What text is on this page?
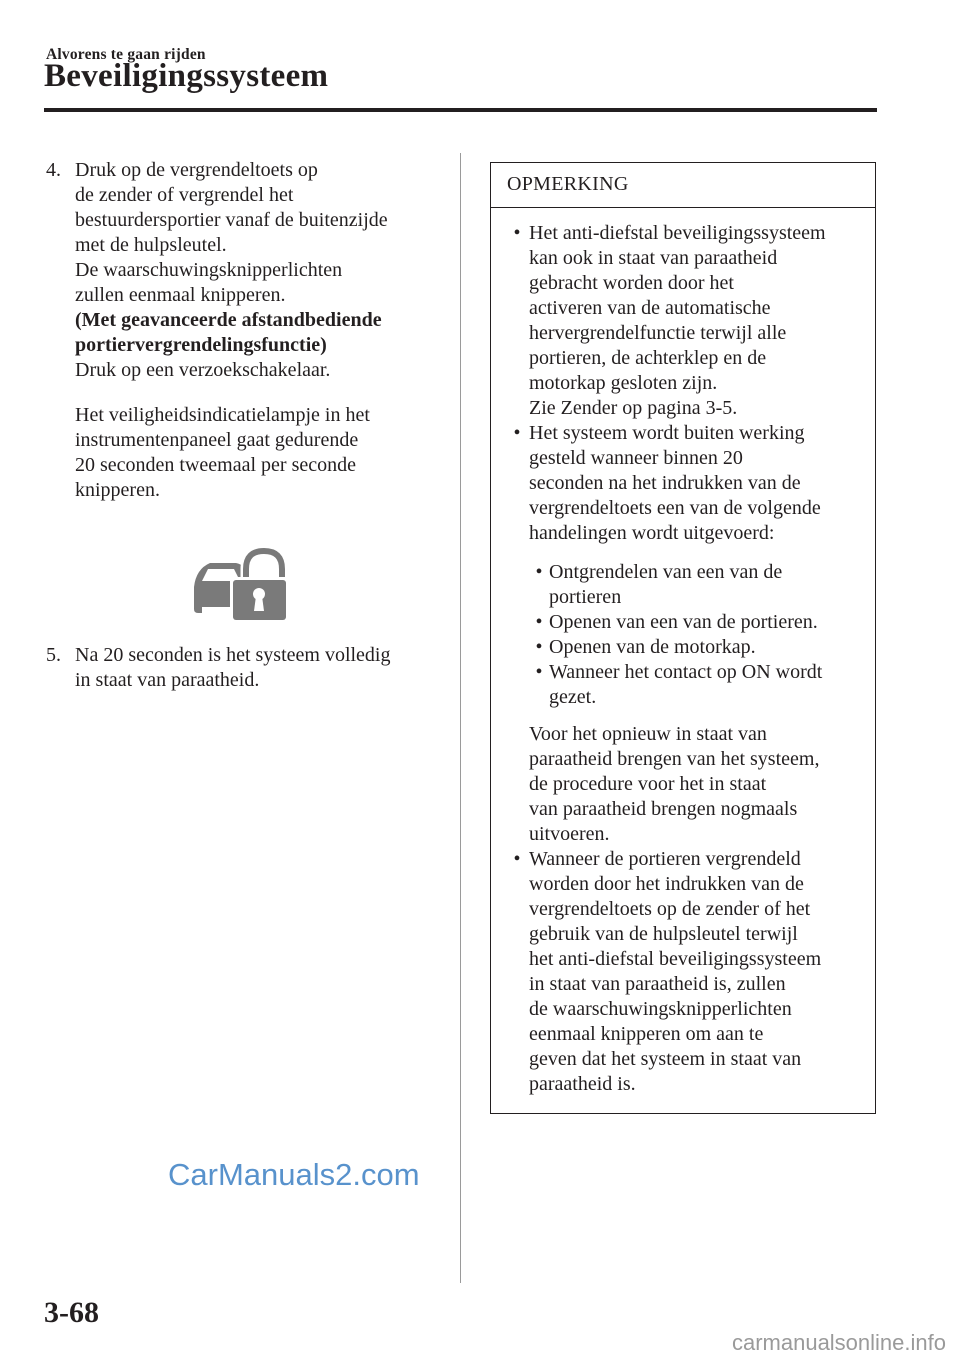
Alvorens te gaan rijden
Beveiligingssysteem
4. Druk op de vergrendeltoets op

de zender of vergrendel het

bestuurdersportier vanaf de buitenzijde

met de hulpsleutel.

De waarschuwingsknipperlichten

zullen eenmaal knipperen.

(Met geavanceerde afstandbediende

portiervergrendelingsfunctie)

Druk op een verzoekschakelaar.

Het veiligheidsindicatielampje in het

instrumentenpaneel gaat gedurende

20 seconden tweemaal per seconde

knipperen.

5. Na 20 seconden is het systeem volledig

in staat van paraatheid.

OPMERKING
• Het anti-diefstal beveiligingssysteem
kan ook in staat van paraatheid
gebracht worden door het
activeren van de automatische
hervergrendelfunctie terwijl alle
portieren, de achterklep en de
motorkap gesloten zijn.
Zie Zender op pagina 3-5.
• Het systeem wordt buiten werking
gesteld wanneer binnen 20
seconden na het indrukken van de
vergrendeltoets een van de volgende
handelingen wordt uitgevoerd:
• Ontgrendelen van een van de
portieren
• Openen van een van de portieren.
• Openen van de motorkap.
• Wanneer het contact op ON wordt
gezet.
Voor het opnieuw in staat van
paraatheid brengen van het systeem,
de procedure voor het in staat
van paraatheid brengen nogmaals
uitvoeren.
• Wanneer de portieren vergrendeld
worden door het indrukken van de
vergrendeltoets op de zender of het
gebruik van de hulpsleutel terwijl
het anti-diefstal beveiligingssysteem
in staat van paraatheid is, zullen
de waarschuwingsknipperlichten
eenmaal knipperen om aan te
geven dat het systeem in staat van
paraatheid is.
CarManuals2.com
3-68
carmanualsonline.info
